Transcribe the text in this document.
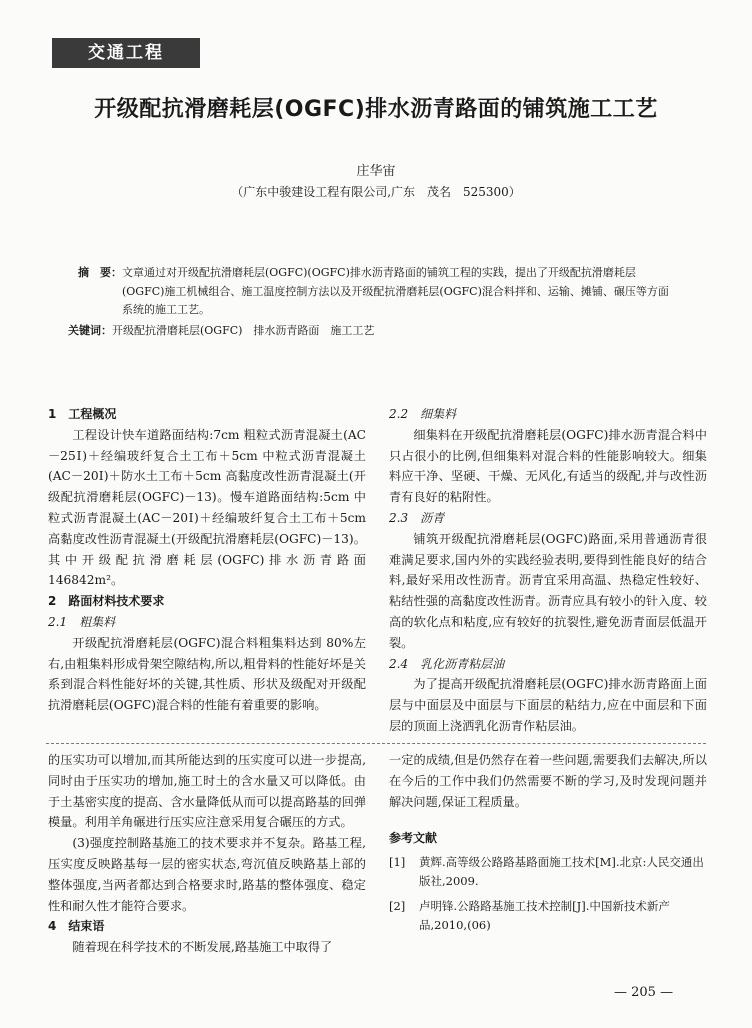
交通工程
开级配抗滑磨耗层(OGFC)排水沥青路面的铺筑施工工艺
庄华宙
（广东中骏建设工程有限公司,广东　茂名　525300）
摘　要： 文章通过对开级配抗滑磨耗层(OGFC)(OGFC)排水沥青路面的铺筑工程的实践，提出了开级配抗滑磨耗层(OGFC)施工机械组合、施工温度控制方法以及开级配抗滑磨耗层(OGFC)混合料拌和、运输、摊铺、碾压等方面系统的施工工艺。
关键词： 开级配抗滑磨耗层(OGFC)　排水沥青路面　施工工艺
1　工程概况

工程设计快车道路面结构:7cm 粗粒式沥青混凝土(AC－25Ⅰ)＋经编玻纤复合土工布＋5cm 中粒式沥青混凝土(AC－20Ⅰ)＋防水土工布＋5cm 高黏度改性沥青混凝土(开级配抗滑磨耗层(OGFC)－13)。慢车道路面结构:5cm 中粒式沥青混凝土(AC－20Ⅰ)＋经编玻纤复合土工布＋5cm 高黏度改性沥青混凝土(开级配抗滑磨耗层(OGFC)－13)。其中开级配抗滑磨耗层(OGFC)排水沥青路面 146842m²。

2　路面材料技术要求
2.1　粗集料

开级配抗滑磨耗层(OGFC)混合料粗集料达到 80%左右,由粗集料形成骨架空隙结构,所以,粗骨料的性能好坏是关系到混合料性能好坏的关键,其性质、形状及级配对开级配抗滑磨耗层(OGFC)混合料的性能有着重要的影响。

2.2　细集料

细集料在开级配抗滑磨耗层(OGFC)排水沥青混合料中只占很小的比例,但细集料对混合料的性能影响较大。细集料应干净、坚硬、干燥、无风化,有适当的级配,并与改性沥青有良好的粘附性。

2.3　沥青

铺筑开级配抗滑磨耗层(OGFC)路面,采用普通沥青很难满足要求,国内外的实践经验表明,要得到性能良好的结合料,最好采用改性沥青。沥青宜采用高温、热稳定性较好、粘结性强的高黏度改性沥青。沥青应具有较小的针入度、较高的软化点和粘度,应有较好的抗裂性,避免沥青面层低温开裂。

2.4　乳化沥青粘层油

为了提高开级配抗滑磨耗层(OGFC)排水沥青路面上面层与中面层及中面层与下面层的粘结力,应在中面层和下面层的顶面上浇洒乳化沥青作粘层油。

的压实功可以增加,而其所能达到的压实度可以进一步提高,同时由于压实功的增加,施工时土的含水量又可以降低。由于土基密实度的提高、含水量降低从而可以提高路基的回弹模量。利用羊角碾进行压实应注意采用复合碾压的方式。

(3)强度控制路基施工的技术要求并不复杂。路基工程,压实度反映路基每一层的密实状态,弯沉值反映路基上部的整体强度,当两者都达到合格要求时,路基的整体强度、稳定性和耐久性才能符合要求。

4　结束语

随着现在科学技术的不断发展,路基施工中取得了

一定的成绩,但是仍然存在着一些问题,需要我们去解决,所以在今后的工作中我们仍然需要不断的学习,及时发现问题并解决问题,保证工程质量。

参考文献
[1]	黄辉.高等级公路路基路面施工技术[M].北京:人民交通出版社,2009.
[2]	卢明锋.公路路基施工技术控制[J].中国新技术新产品,2010,(06)
— 205 —
